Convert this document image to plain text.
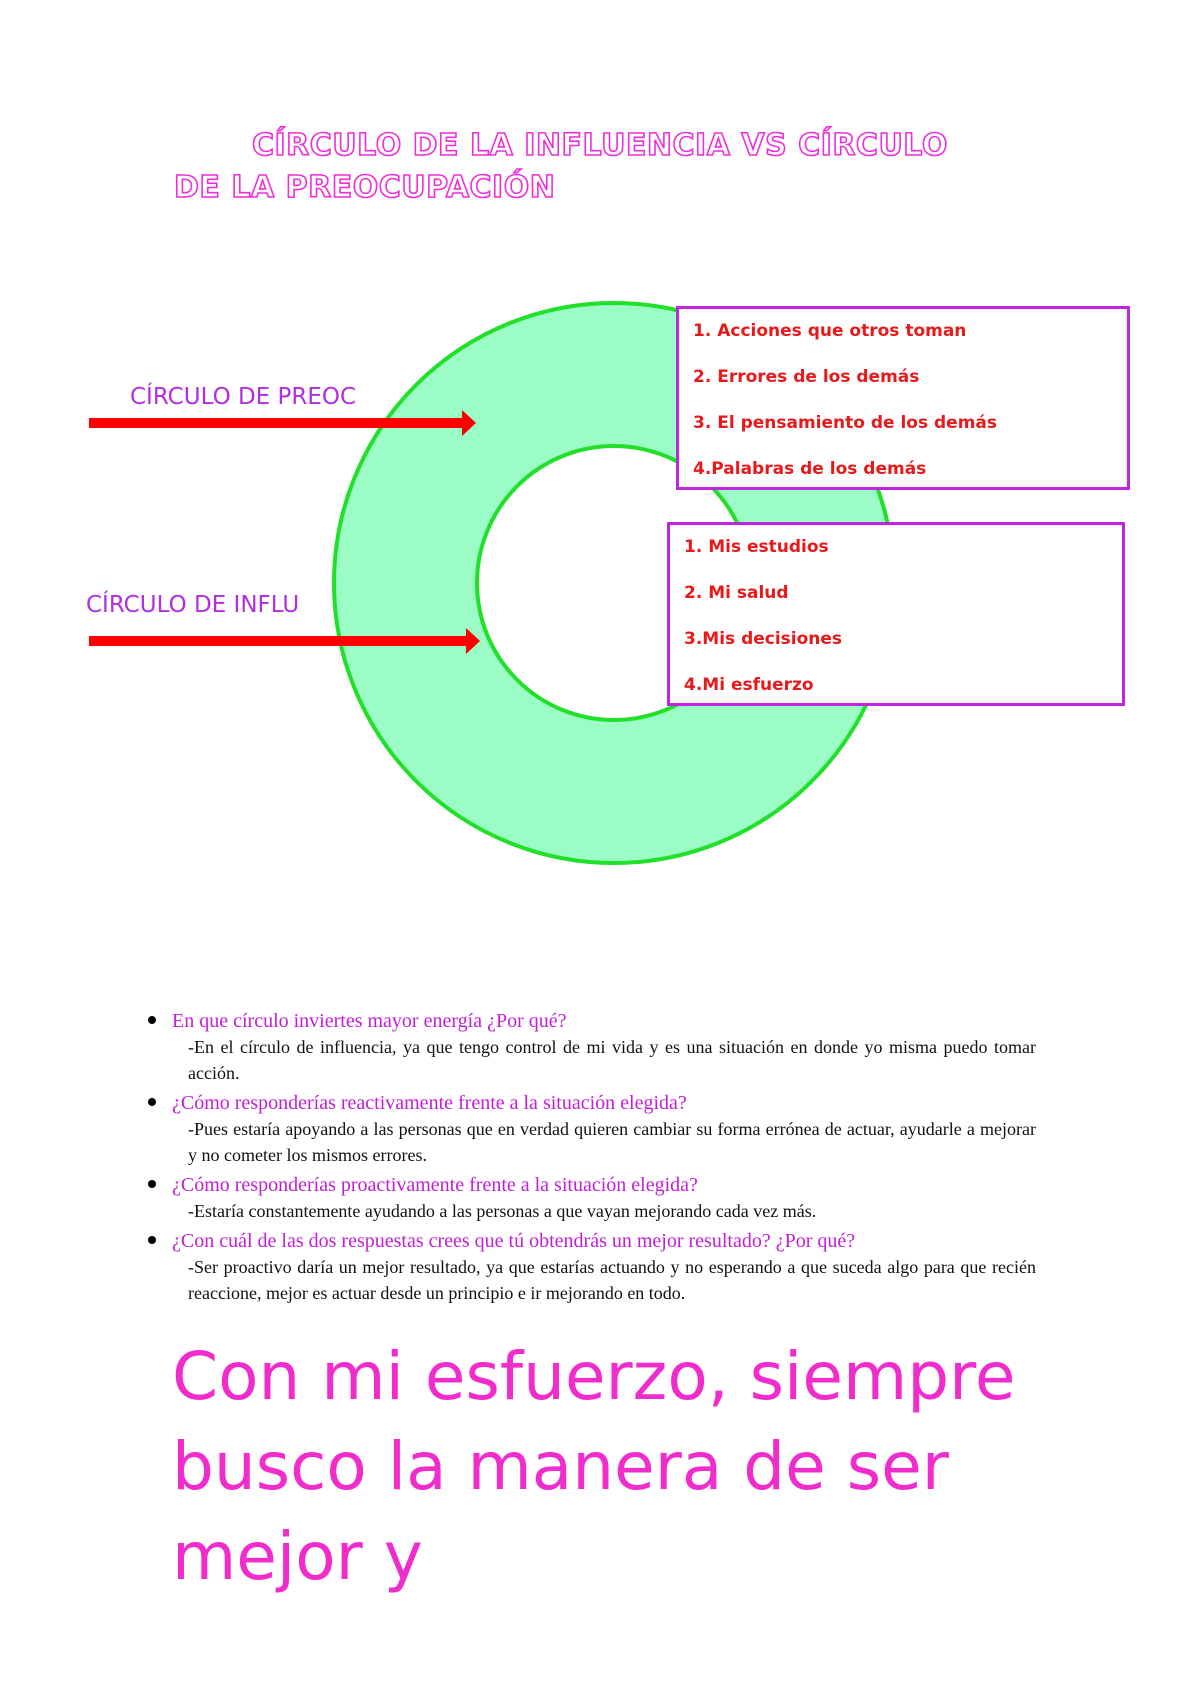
CÍRCULO DE LA INFLUENCIA VS CÍRCULO
DE LA PREOCUPACIÓN
CÍRCULO DE PREOC
CÍRCULO DE INFLU
1. Acciones que otros toman
2. Errores de los demás
3. El pensamiento de los demás
4.Palabras de los demás
1. Mis estudios
2. Mi salud
3.Mis decisiones
4.Mi esfuerzo
En que círculo inviertes mayor energía ¿Por qué?
-En el círculo de influencia, ya que tengo control de mi vida y es una situación en donde yo misma puedo tomar acción.
¿Cómo responderías reactivamente frente a la situación elegida?
-Pues estaría apoyando a las personas que en verdad quieren cambiar su forma errónea de actuar, ayudarle a mejorar y no cometer los mismos errores.
¿Cómo responderías proactivamente frente a la situación elegida?
-Estaría constantemente ayudando a las personas a que vayan mejorando cada vez más.
¿Con cuál de las dos respuestas crees que tú obtendrás un mejor resultado? ¿Por qué?
-Ser proactivo daría un mejor resultado, ya que estarías actuando y no esperando a que suceda algo para que recién reaccione, mejor es actuar desde un principio e ir mejorando en todo.

Con mi esfuerzo, siempre busco la manera de ser mejor y
